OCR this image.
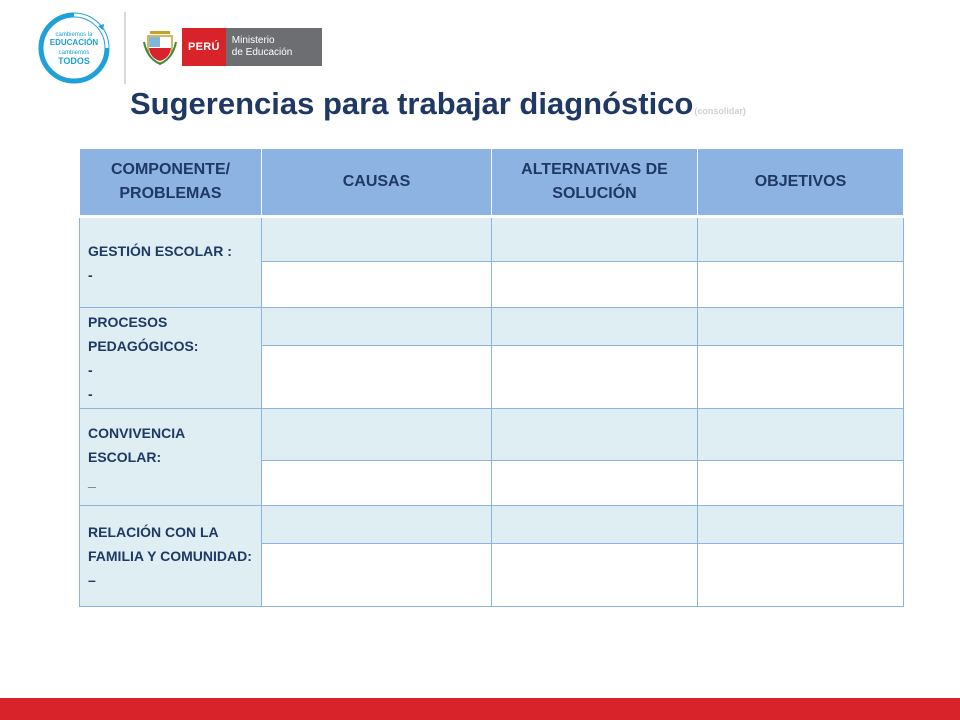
cambiemos la
EDUCACIÓN
cambiemos
TODOS
PERÚ
Ministerio
de Educación
Sugerencias para trabajar diagnóstico(consolidar)
COMPONENTE/ PROBLEMAS	CAUSAS	ALTERNATIVAS DE SOLUCIÓN	OBJETIVOS

GESTIÓN ESCOLAR :
-			

PROCESOS PEDAGÓGICOS:
-
-			

CONVIVENCIA ESCOLAR:
_			

RELACIÓN CON LA FAMILIA Y COMUNIDAD:
–			
